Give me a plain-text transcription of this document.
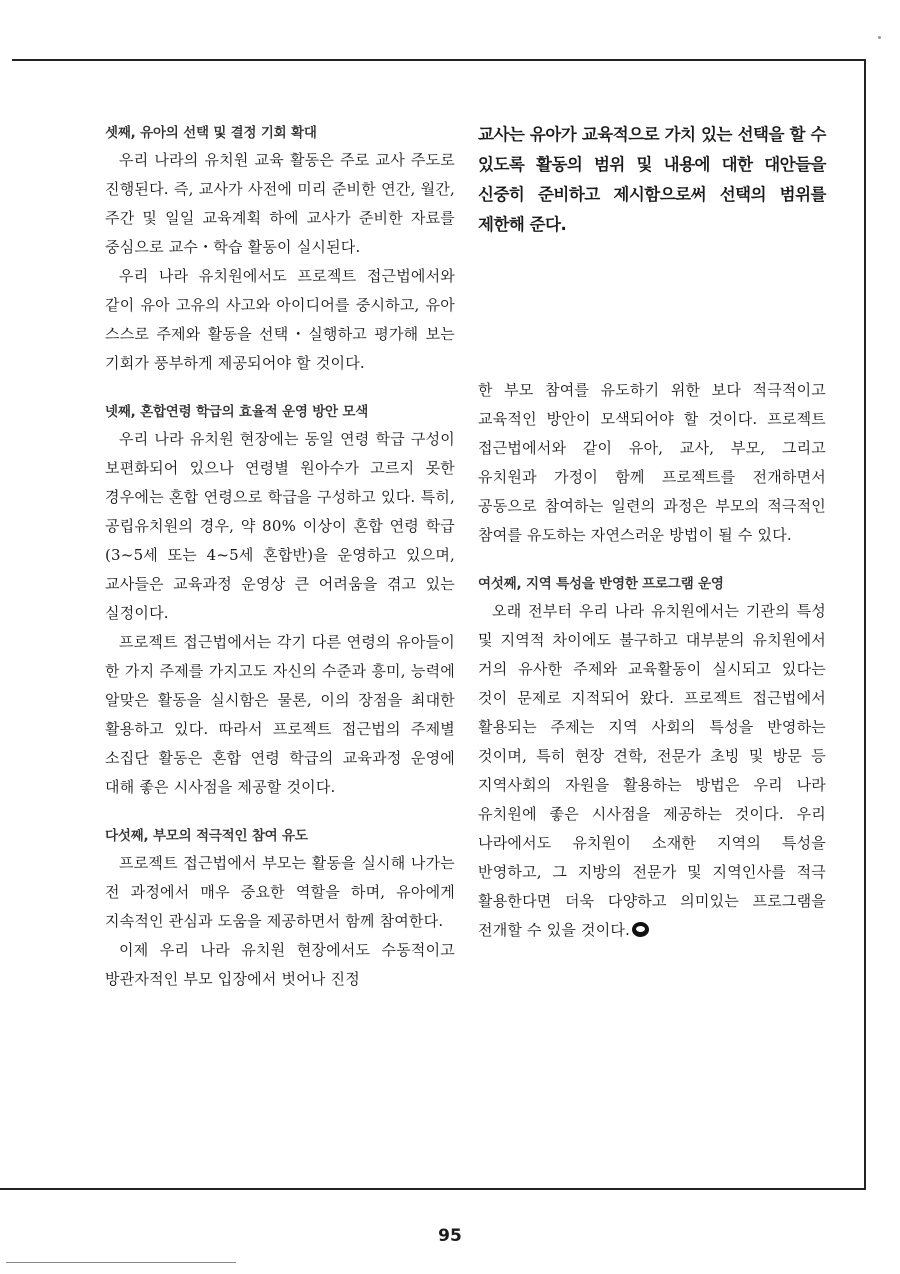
셋째, 유아의 선택 및 결정 기회 확대

우리 나라의 유치원 교육 활동은 주로 교사 주도로 진행된다. 즉, 교사가 사전에 미리 준비한 연간, 월간, 주간 및 일일 교육계획 하에 교사가 준비한 자료를 중심으로 교수・학습 활동이 실시된다.

우리 나라 유치원에서도 프로젝트 접근법에서와 같이 유아 고유의 사고와 아이디어를 중시하고, 유아 스스로 주제와 활동을 선택・실행하고 평가해 보는 기회가 풍부하게 제공되어야 할 것이다.

넷째, 혼합연령 학급의 효율적 운영 방안 모색

우리 나라 유치원 현장에는 동일 연령 학급 구성이 보편화되어 있으나 연령별 원아수가 고르지 못한 경우에는 혼합 연령으로 학급을 구성하고 있다. 특히, 공립유치원의 경우, 약 80% 이상이 혼합 연령 학급(3~5세 또는 4~5세 혼합반)을 운영하고 있으며, 교사들은 교육과정 운영상 큰 어려움을 겪고 있는 실정이다.

프로젝트 접근법에서는 각기 다른 연령의 유아들이 한 가지 주제를 가지고도 자신의 수준과 흥미, 능력에 알맞은 활동을 실시함은 물론, 이의 장점을 최대한 활용하고 있다. 따라서 프로젝트 접근법의 주제별 소집단 활동은 혼합 연령 학급의 교육과정 운영에 대해 좋은 시사점을 제공할 것이다.

다섯째, 부모의 적극적인 참여 유도

프로젝트 접근법에서 부모는 활동을 실시해 나가는 전 과정에서 매우 중요한 역할을 하며, 유아에게 지속적인 관심과 도움을 제공하면서 함께 참여한다.

이제 우리 나라 유치원 현장에서도 수동적이고 방관자적인 부모 입장에서 벗어나 진정

교사는 유아가 교육적으로 가치 있는 선택을 할 수 있도록 활동의 범위 및 내용에 대한 대안들을 신중히 준비하고 제시함으로써 선택의 범위를 제한해 준다.

한 부모 참여를 유도하기 위한 보다 적극적이고 교육적인 방안이 모색되어야 할 것이다. 프로젝트 접근법에서와 같이 유아, 교사, 부모, 그리고 유치원과 가정이 함께 프로젝트를 전개하면서 공동으로 참여하는 일련의 과정은 부모의 적극적인 참여를 유도하는 자연스러운 방법이 될 수 있다.

여섯째, 지역 특성을 반영한 프로그램 운영

오래 전부터 우리 나라 유치원에서는 기관의 특성 및 지역적 차이에도 불구하고 대부분의 유치원에서 거의 유사한 주제와 교육활동이 실시되고 있다는 것이 문제로 지적되어 왔다. 프로젝트 접근법에서 활용되는 주제는 지역 사회의 특성을 반영하는 것이며, 특히 현장 견학, 전문가 초빙 및 방문 등 지역사회의 자원을 활용하는 방법은 우리 나라 유치원에 좋은 시사점을 제공하는 것이다. 우리 나라에서도 유치원이 소재한 지역의 특성을 반영하고, 그 지방의 전문가 및 지역인사를 적극 활용한다면 더욱 다양하고 의미있는 프로그램을 전개할 수 있을 것이다.

95
